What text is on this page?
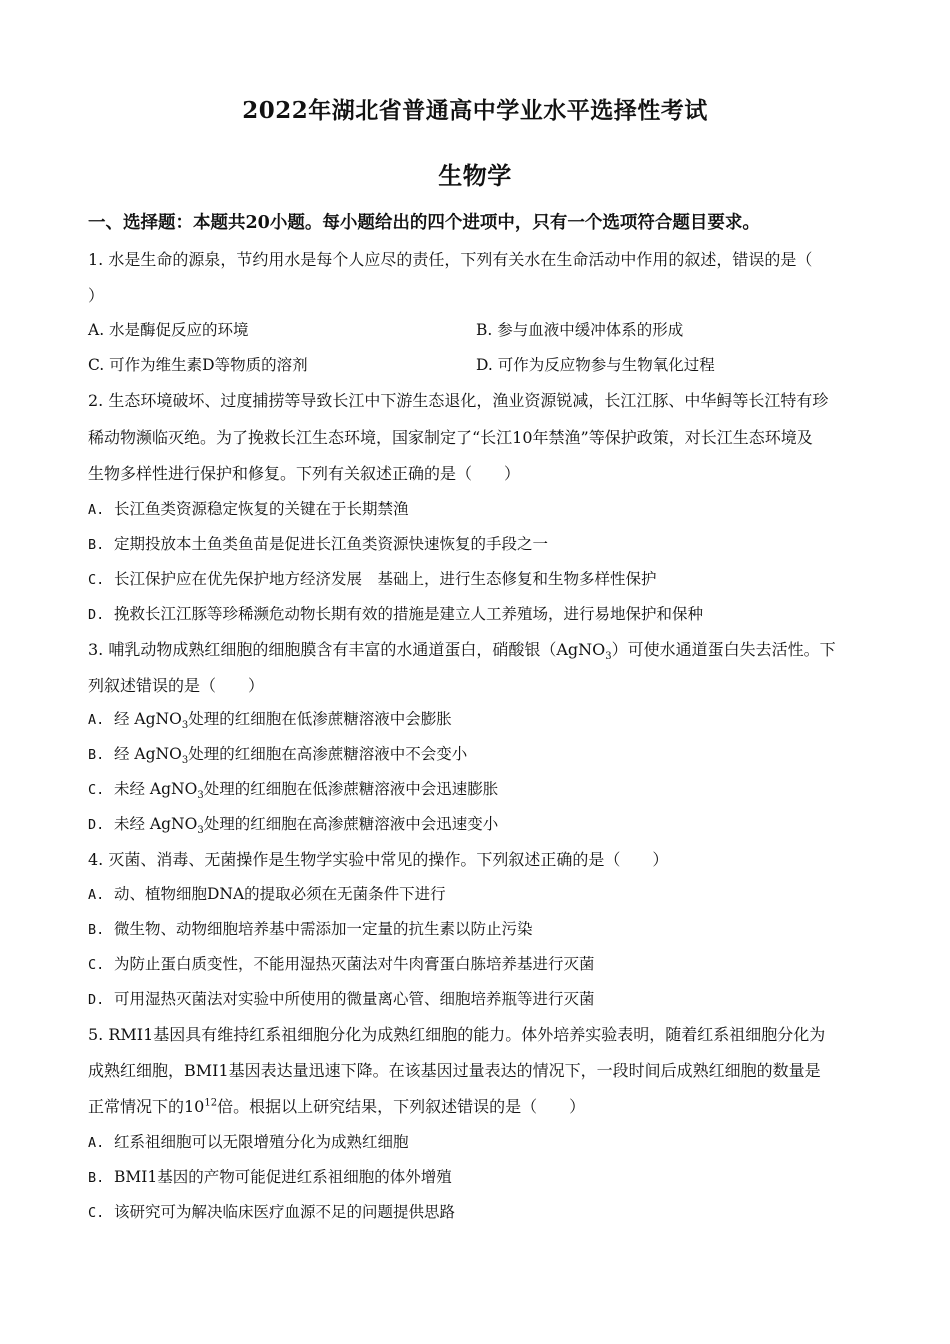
2022年湖北省普通高中学业水平选择性考试
生物学
一、选择题：本题共20小题。每小题给出的四个进项中，只有一个选项符合题目要求。
1. 水是生命的源泉，节约用水是每个人应尽的责任，下列有关水在生命活动中作用的叙述，错误的是（
）
A. 水是酶促反应的环境	B. 参与血液中缓冲体系的形成
C. 可作为维生素D等物质的溶剂	D. 可作为反应物参与生物氧化过程
2. 生态环境破坏、过度捕捞等导致长江中下游生态退化，渔业资源锐减，长江江豚、中华鲟等长江特有珍
稀动物濒临灭绝。为了挽救长江生态环境，国家制定了“长江10年禁渔”等保护政策，对长江生态环境及
生物多样性进行保护和修复。下列有关叙述正确的是（　　）
A. 长江鱼类资源稳定恢复的关键在于长期禁渔
B. 定期投放本土鱼类鱼苗是促进长江鱼类资源快速恢复的手段之一
C. 长江保护应在优先保护地方经济发展　基础上，进行生态修复和生物多样性保护
D. 挽救长江江豚等珍稀濒危动物长期有效的措施是建立人工养殖场，进行易地保护和保种
3. 哺乳动物成熟红细胞的细胞膜含有丰富的水通道蛋白，硝酸银（AgNO$_3$）可使水通道蛋白失去活性。下
列叙述错误的是（　　）
A. 经 AgNO$_3$处理的红细胞在低渗蔗糖溶液中会膨胀
B. 经 AgNO$_3$处理的红细胞在高渗蔗糖溶液中不会变小
C. 未经 AgNO$_3$处理的红细胞在低渗蔗糖溶液中会迅速膨胀
D. 未经 AgNO$_3$处理的红细胞在高渗蔗糖溶液中会迅速变小
4. 灭菌、消毒、无菌操作是生物学实验中常见的操作。下列叙述正确的是（　　）
A. 动、植物细胞DNA的提取必须在无菌条件下进行
B. 微生物、动物细胞培养基中需添加一定量的抗生素以防止污染
C. 为防止蛋白质变性，不能用湿热灭菌法对牛肉膏蛋白胨培养基进行灭菌
D. 可用湿热灭菌法对实验中所使用的微量离心管、细胞培养瓶等进行灭菌
5. RMI1基因具有维持红系祖细胞分化为成熟红细胞的能力。体外培养实验表明，随着红系祖细胞分化为
成熟红细胞，BMI1基因表达量迅速下降。在该基因过量表达的情况下，一段时间后成熟红细胞的数量是
正常情况下的$10^{12}$倍。根据以上研究结果，下列叙述错误的是（　　）
A. 红系祖细胞可以无限增殖分化为成熟红细胞
B. BMI1基因的产物可能促进红系祖细胞的体外增殖
C. 该研究可为解决临床医疗血源不足的问题提供思路
